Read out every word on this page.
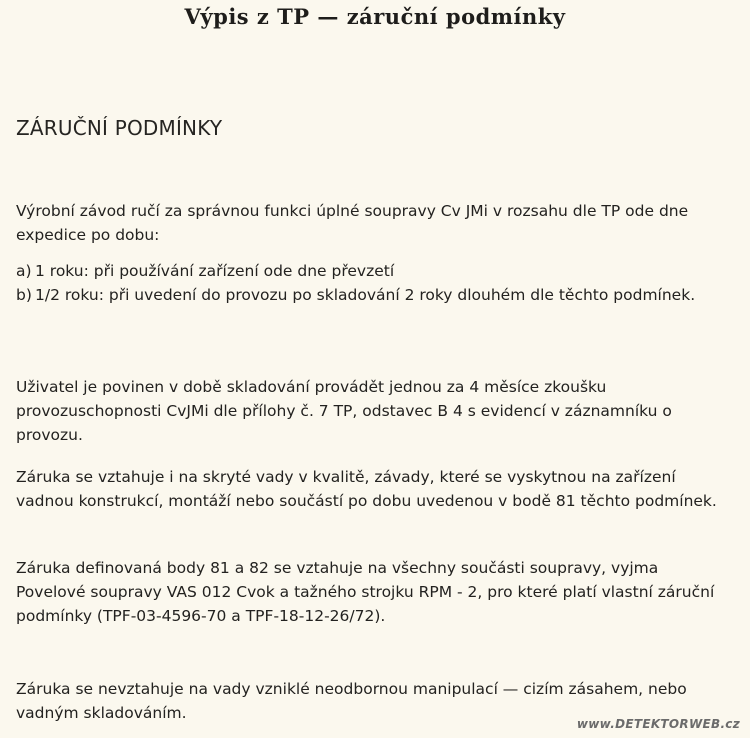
Výpis z TP — záruční podmínky
ZÁRUČNÍ PODMÍNKY

Výrobní závod ručí za správnou funkci úplné soupravy Cv JMi v rozsahu dle TP ode dne expedice po dobu:

a) 1 roku: při používání zařízení ode dne převzetí
b) 1/2 roku: při uvedení do provozu po skladování 2 roky dlouhém dle těchto podmínek.

Uživatel je povinen v době skladování provádět jednou za 4 měsíce zkoušku provozuschopnosti CvJMi dle přílohy č. 7 TP, odstavec B 4 s evidencí v záznamníku o provozu.

Záruka se vztahuje i na skryté vady v kvalitě, závady, které se vyskytnou na zařízení vadnou konstrukcí, montáží nebo součástí po dobu uvedenou v bodě 81 těchto podmínek.

Záruka definovaná body 81 a 82 se vztahuje na všechny součásti soupravy, vyjma Povelové soupravy VAS 012 Cvok a tažného strojku RPM - 2, pro které platí vlastní záruční podmínky (TPF-03-4596-70 a TPF-18-12-26/72).

Záruka se nevztahuje na vady vzniklé neodbornou manipulací — cizím zásahem, nebo vadným skladováním.

www.DETEKTORWEB.cz
